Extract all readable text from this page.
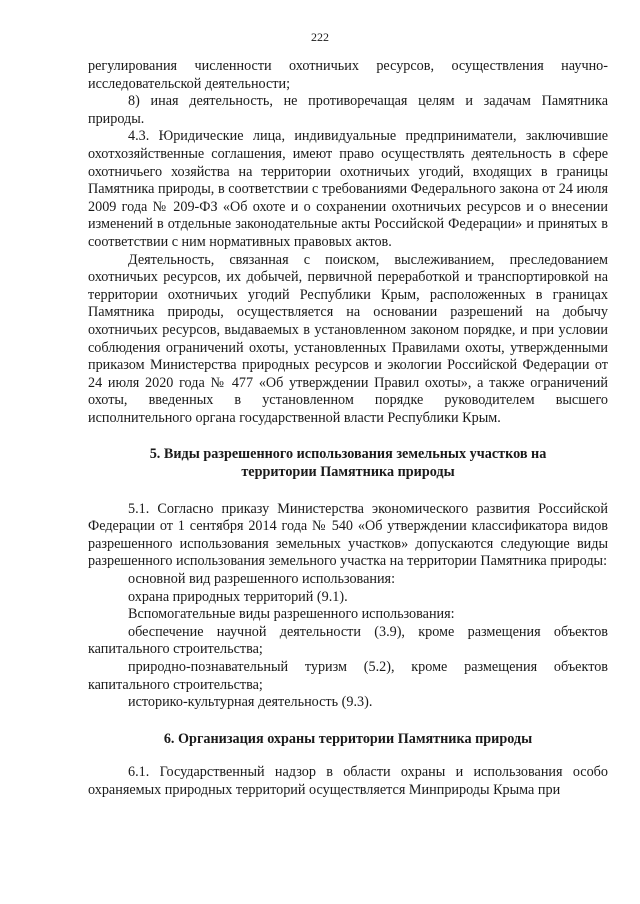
222

регулирования численности охотничьих ресурсов, осуществления научно-исследовательской деятельности;

8) иная деятельность, не противоречащая целям и задачам Памятника природы.

4.3. Юридические лица, индивидуальные предприниматели, заключившие охотхозяйственные соглашения, имеют право осуществлять деятельность в сфере охотничьего хозяйства на территории охотничьих угодий, входящих в границы Памятника природы, в соответствии с требованиями Федерального закона от 24 июля 2009 года № 209-ФЗ «Об охоте и о сохранении охотничьих ресурсов и о внесении изменений в отдельные законодательные акты Российской Федерации» и принятых в соответствии с ним нормативных правовых актов.

Деятельность, связанная с поиском, выслеживанием, преследованием охотничьих ресурсов, их добычей, первичной переработкой и транспортировкой на территории охотничьих угодий Республики Крым, расположенных в границах Памятника природы, осуществляется на основании разрешений на добычу охотничьих ресурсов, выдаваемых в установленном законом порядке, и при условии соблюдения ограничений охоты, установленных Правилами охоты, утвержденными приказом Министерства природных ресурсов и экологии Российской Федерации от 24 июля 2020 года № 477 «Об утверждении Правил охоты», а также ограничений охоты, введенных в установленном порядке руководителем высшего исполнительного органа государственной власти Республики Крым.

5. Виды разрешенного использования земельных участков на
территории Памятника природы

5.1. Согласно приказу Министерства экономического развития Российской Федерации от 1 сентября 2014 года № 540 «Об утверждении классификатора видов разрешенного использования земельных участков» допускаются следующие виды разрешенного использования земельного участка на территории Памятника природы:

основной вид разрешенного использования:

охрана природных территорий (9.1).

Вспомогательные виды разрешенного использования:

обеспечение научной деятельности (3.9), кроме размещения объектов капитального строительства;

природно-познавательный туризм (5.2), кроме размещения объектов капитального строительства;

историко-культурная деятельность (9.3).

6. Организация охраны территории Памятника природы

6.1. Государственный надзор в области охраны и использования особо охраняемых природных территорий осуществляется Минприроды Крыма при
